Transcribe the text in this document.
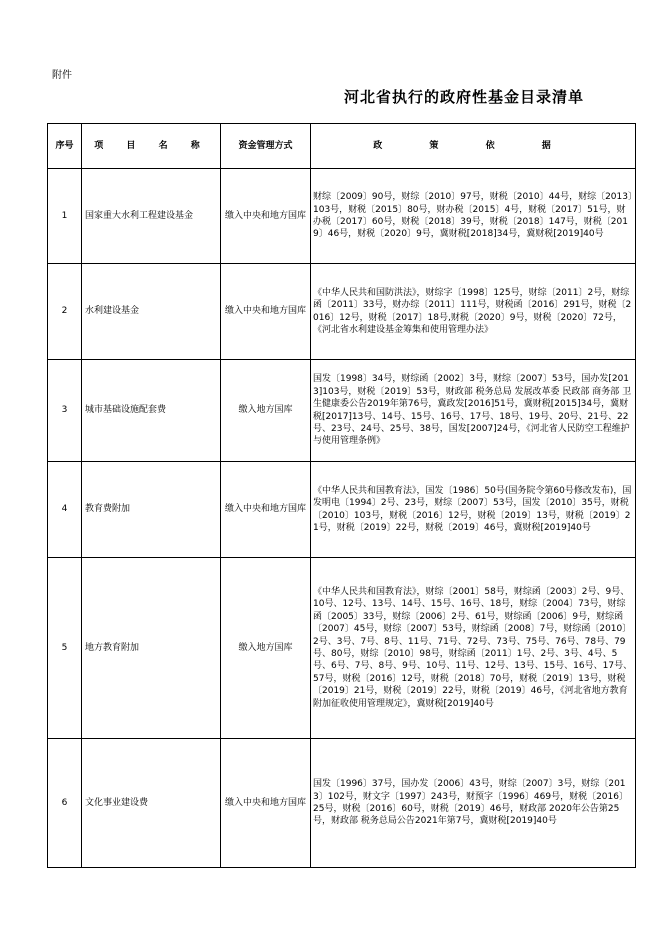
附件
河北省执行的政府性基金目录清单
序号	项 目 名 称	资金管理方式	政 策 依 据
1	国家重大水利工程建设基金	缴入中央和地方国库	财综〔2009〕90号，财综〔2010〕97号，财税〔2010〕44号，财综〔2013〕103号，财税〔2015〕80号，财办税〔2015〕4号，财税〔2017〕51号，财办税〔2017〕60号，财税〔2018〕39号，财税〔2018〕147号，财税〔2019〕46号，财税〔2020〕9号，冀财税[2018]34号，冀财税[2019]40号
2	水利建设基金	缴入中央和地方国库	《中华人民共和国防洪法》，财综字〔1998〕125号，财综〔2011〕2号，财综函〔2011〕33号，财办综〔2011〕111号，财税函〔2016〕291号，财税〔2016〕12号，财税〔2017〕18号,财税〔2020〕9号，财税〔2020〕72号，《河北省水利建设基金筹集和使用管理办法》
3	城市基础设施配套费	缴入地方国库	国发〔1998〕34号，财综函〔2002〕3号，财综〔2007〕53号，国办发[2013]103号，财税〔2019〕53号，财政部 税务总局 发展改革委 民政部 商务部 卫生健康委公告2019年第76号，冀政发[2016]51号，冀财税[2015]34号，冀财税[2017]13号、14号、15号、16号、17号、18号、19号、20号、21号、22号、23号、24号、25号、38号，国发[2007]24号，《河北省人民防空工程维护与使用管理条例》
4	教育费附加	缴入中央和地方国库	《中华人民共和国教育法》，国发〔1986〕50号(国务院令第60号修改发布)，国发明电〔1994〕2号、23号，财综〔2007〕53号，国发〔2010〕35号，财税〔2010〕103号，财税〔2016〕12号，财税〔2019〕13号，财税〔2019〕21号，财税〔2019〕22号，财税〔2019〕46号，冀财税[2019]40号
5	地方教育附加	缴入地方国库	《中华人民共和国教育法》，财综〔2001〕58号，财综函〔2003〕2号、9号、10号、12号、13号、14号、15号、16号、18号，财综〔2004〕73号，财综函〔2005〕33号，财综〔2006〕2号、61号，财综函〔2006〕9号，财综函〔2007〕45号，财综〔2007〕53号，财综函〔2008〕7号，财综函〔2010〕2号、3号、7号、8号、11号、71号、72号、73号、75号、76号、78号、79号、80号，财综〔2010〕98号，财综函〔2011〕1号、2号、3号、4号、5号、6号、7号、8号、9号、10号、11号、12号、13号、15号、16号、17号、57号，财税〔2016〕12号，财税〔2018〕70号，财税〔2019〕13号，财税〔2019〕21号，财税〔2019〕22号，财税〔2019〕46号，《河北省地方教育附加征收使用管理规定》，冀财税[2019]40号
6	文化事业建设费	缴入中央和地方国库	国发〔1996〕37号，国办发〔2006〕43号，财综〔2007〕3号，财综〔2013〕102号，财文字〔1997〕243号，财预字〔1996〕469号，财税〔2016〕25号，财税〔2016〕60号，财税〔2019〕46号，财政部 2020年公告第25号，财政部 税务总局公告2021年第7号，冀财税[2019]40号
